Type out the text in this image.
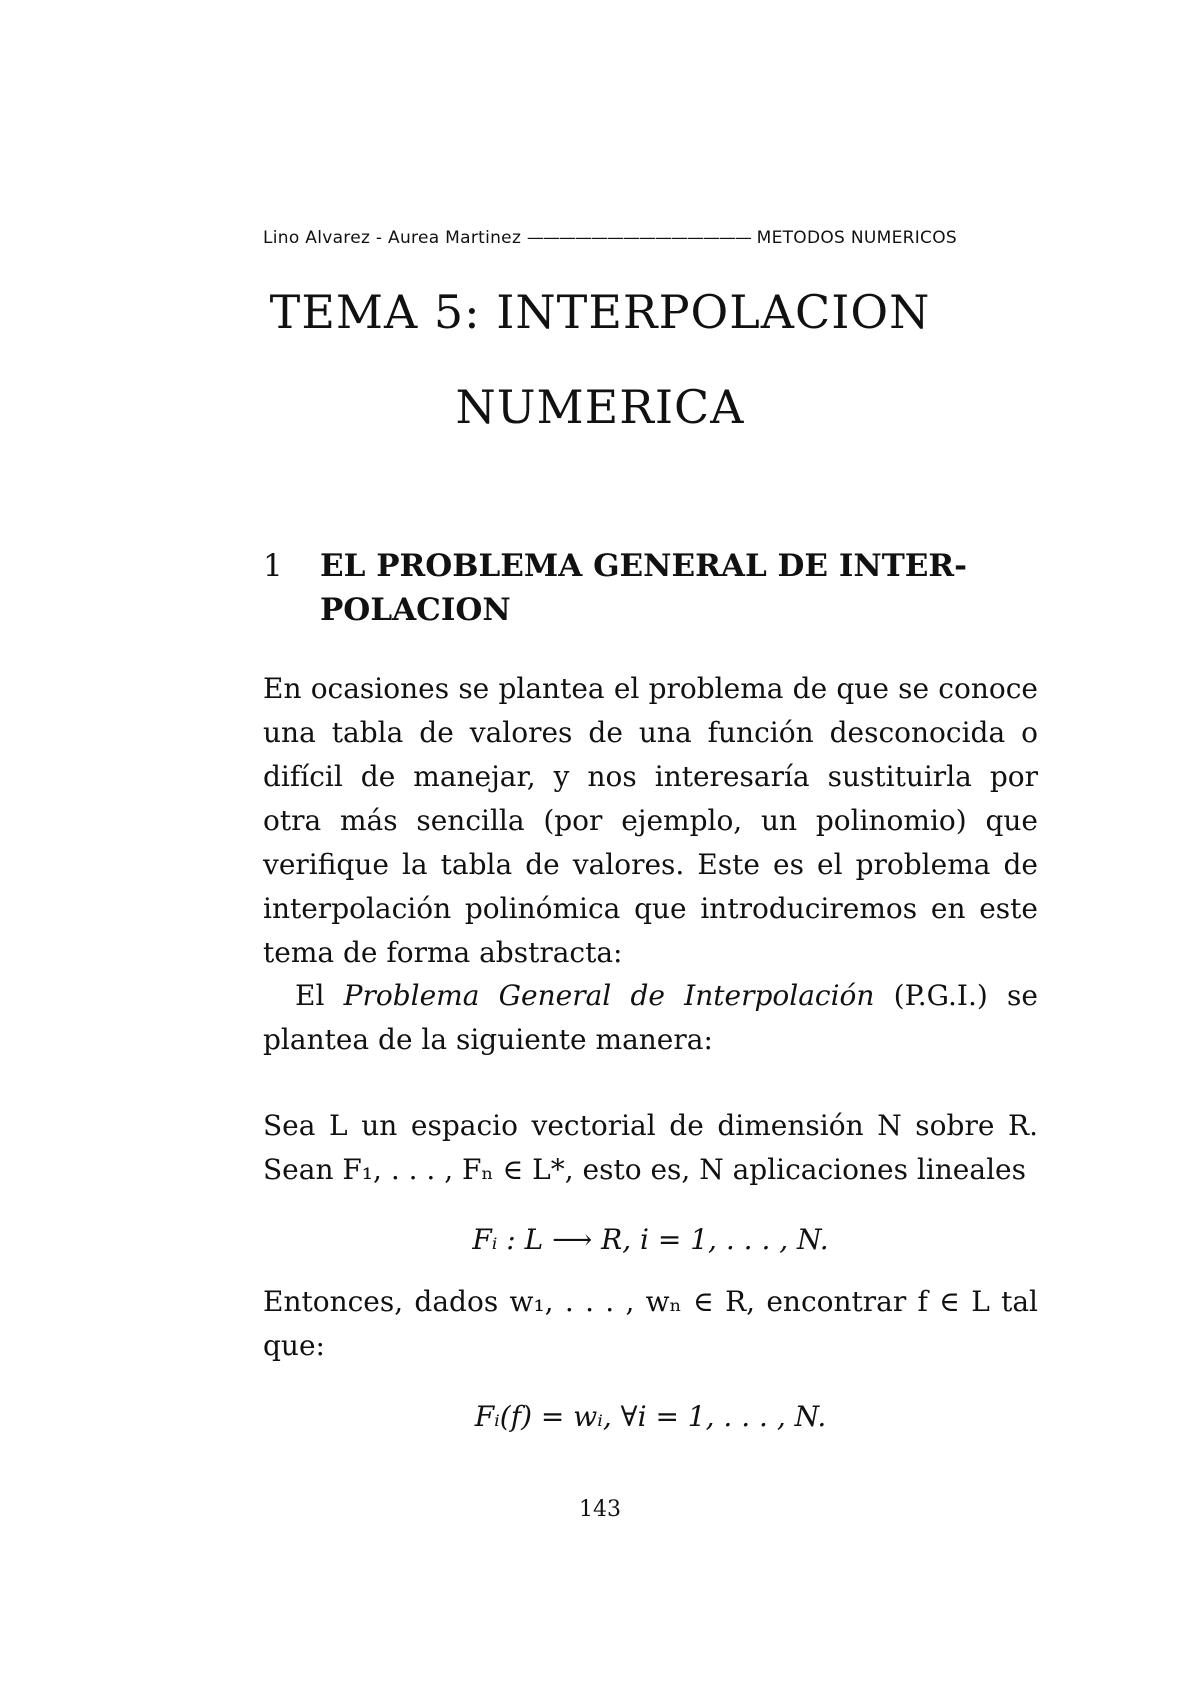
Lino Alvarez - Aurea Martinez —————————————— METODOS NUMERICOS
TEMA 5: INTERPOLACION
NUMERICA
1 EL PROBLEMA GENERAL DE INTER-POLACION
En ocasiones se plantea el problema de que se conoce una tabla de valores de una función desconocida o difícil de manejar, y nos interesaría sustituirla por otra más sencilla (por ejemplo, un polinomio) que verifique la tabla de valores. Este es el problema de interpolación polinómica que introduciremos en este tema de forma abstracta:
El Problema General de Interpolación (P.G.I.) se plantea de la siguiente manera:
Sea L un espacio vectorial de dimensión N sobre R. Sean F₁, . . . , Fₙ ∈ L*, esto es, N aplicaciones lineales
Fᵢ : L ⟶ R, i = 1, . . . , N.
Entonces, dados w₁, . . . , wₙ ∈ R, encontrar f ∈ L tal que:
Fᵢ(f) = wᵢ, ∀i = 1, . . . , N.
143
